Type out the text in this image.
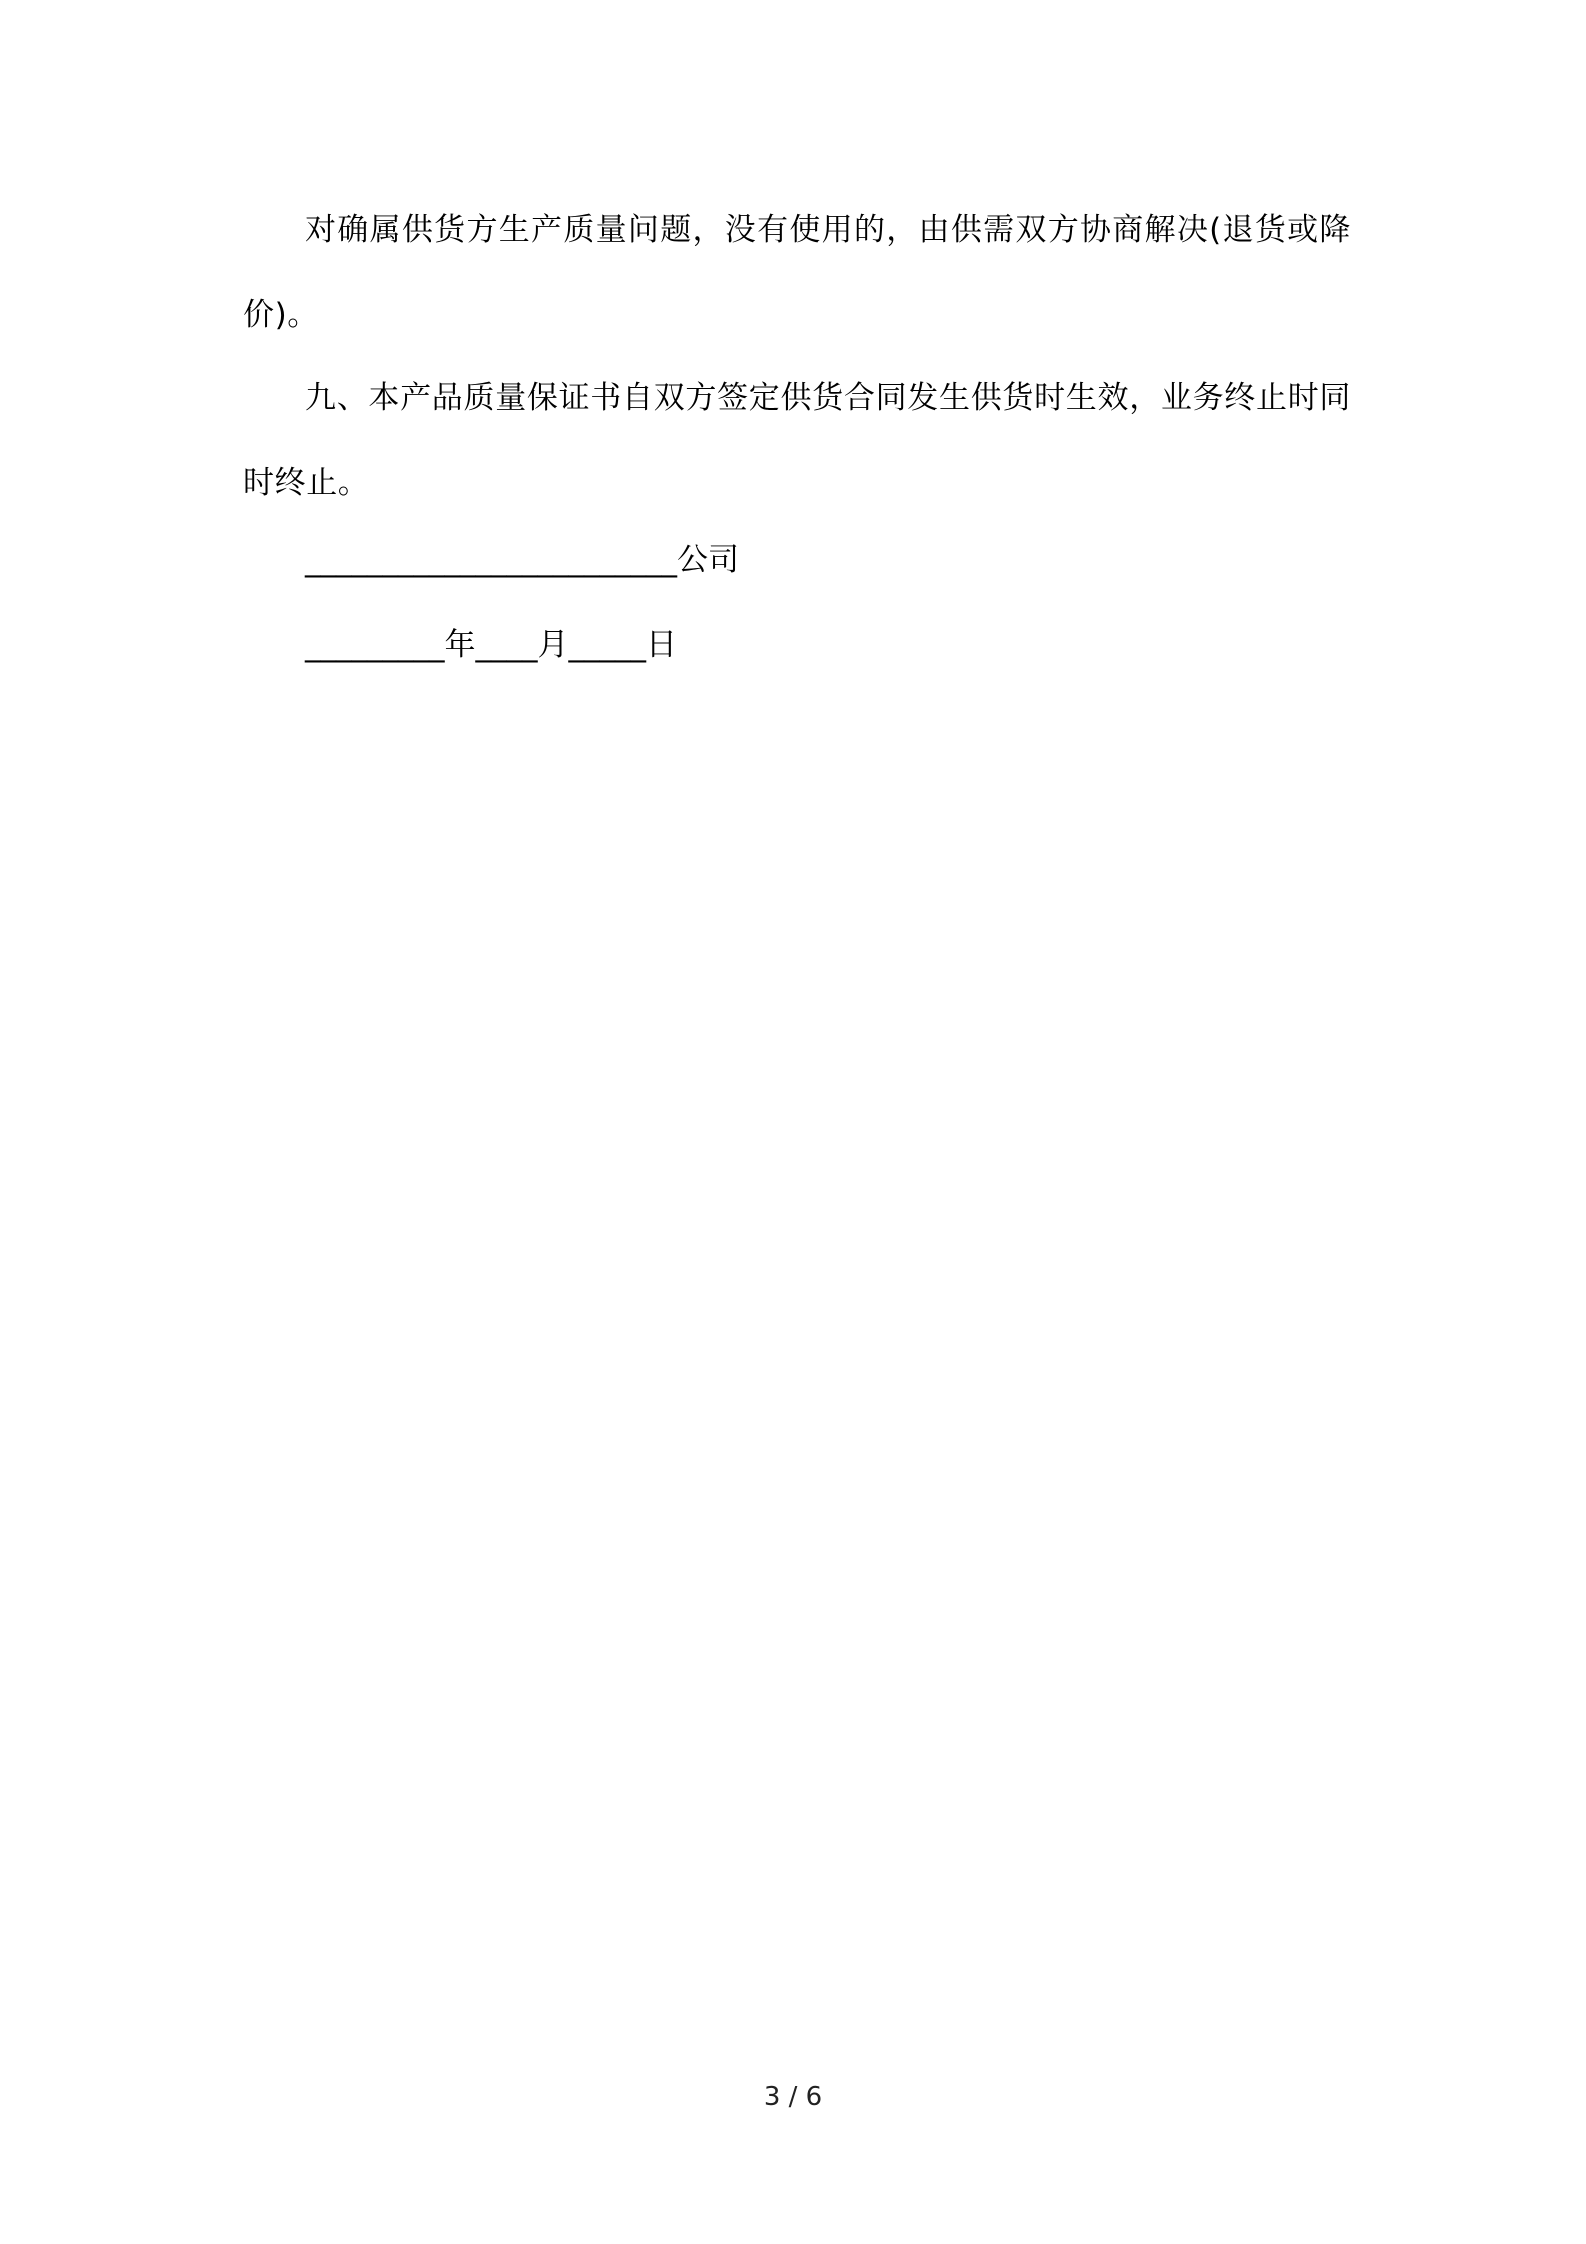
对确属供货方生产质量问题，没有使用的，由供需双方协商解决(退货或降价)。

九、本产品质量保证书自双方签定供货合同发生供货时生效，业务终止时同时终止。

________________________公司
_________年____月_____日
3 / 6
